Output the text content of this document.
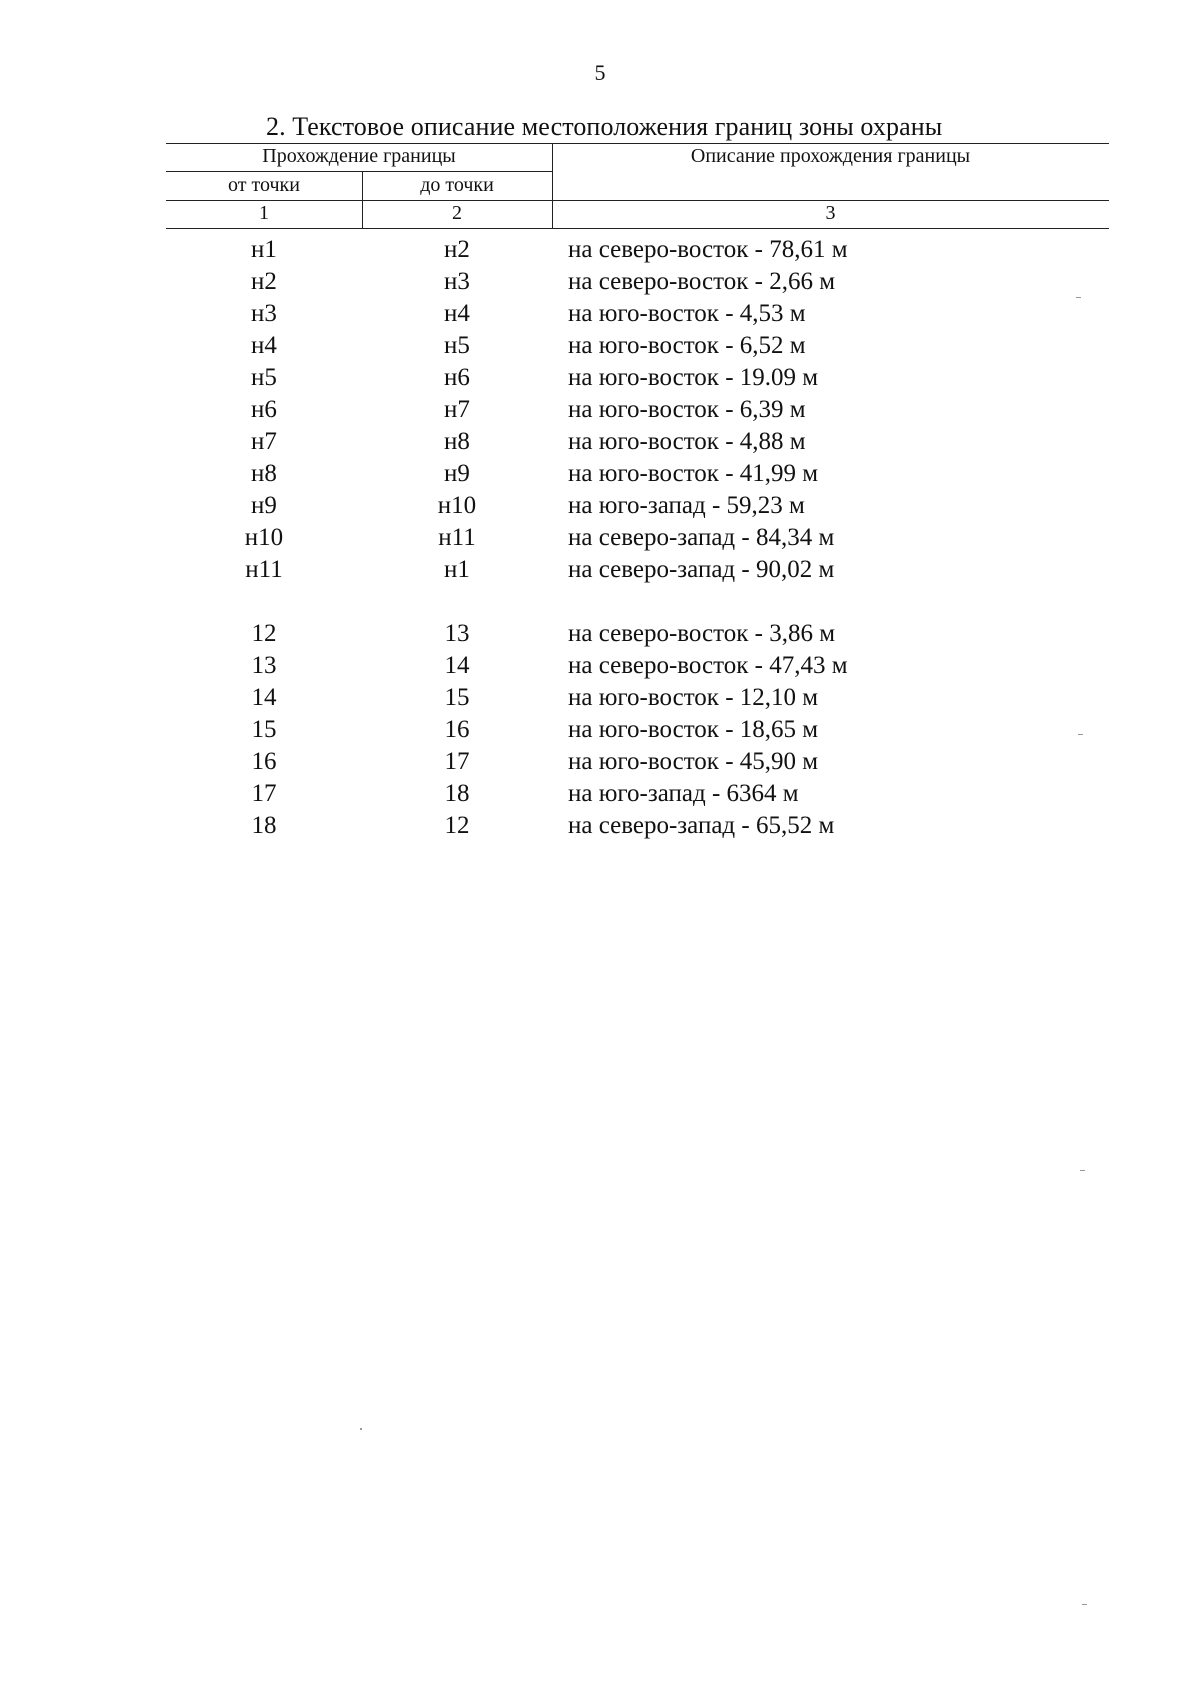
5
2. Текстовое описание местоположения границ зоны охраны
Прохождение границы	Описание прохождения границы
от точки	до точки
1	2	3
н1	н2	на северо-восток - 78,61 м
н2	н3	на северо-восток - 2,66 м
н3	н4	на юго-восток - 4,53 м
н4	н5	на юго-восток - 6,52 м
н5	н6	на юго-восток - 19.09 м
н6	н7	на юго-восток - 6,39 м
н7	н8	на юго-восток - 4,88 м
н8	н9	на юго-восток - 41,99 м
н9	н10	на юго-запад - 59,23 м
н10	н11	на северо-запад - 84,34 м
н11	н1	на северо-запад - 90,02 м
12	13	на северо-восток - 3,86 м
13	14	на северо-восток - 47,43 м
14	15	на юго-восток - 12,10 м
15	16	на юго-восток - 18,65 м
16	17	на юго-восток - 45,90 м
17	18	на юго-запад - 6364 м
18	12	на северо-запад - 65,52 м
